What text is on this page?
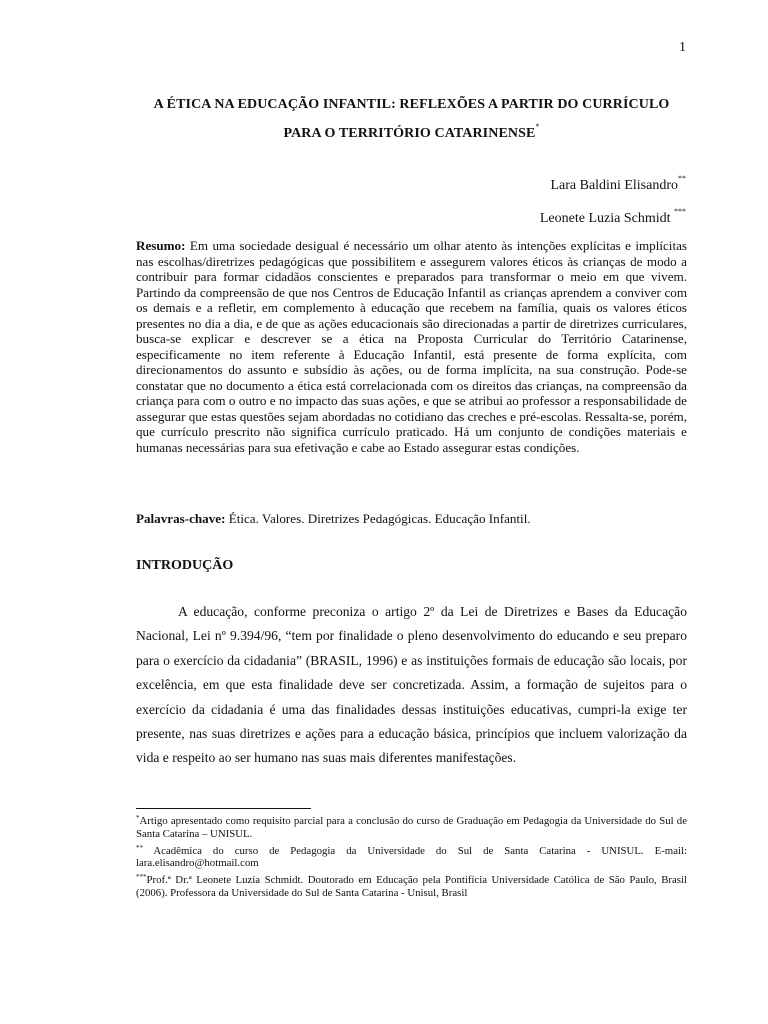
1
A ÉTICA NA EDUCAÇÃO INFANTIL: REFLEXÕES A PARTIR DO CURRÍCULO
PARA O TERRITÓRIO CATARINENSE*
Lara Baldini Elisandro**
Leonete Luzia Schmidt ***
Resumo: Em uma sociedade desigual é necessário um olhar atento às intenções explícitas e implícitas nas escolhas/diretrizes pedagógicas que possibilitem e assegurem valores éticos às crianças de modo a contribuir para formar cidadãos conscientes e preparados para transformar o meio em que vivem. Partindo da compreensão de que nos Centros de Educação Infantil as crianças aprendem a conviver com os demais e a refletir, em complemento à educação que recebem na família, quais os valores éticos presentes no dia a dia, e de que as ações educacionais são direcionadas a partir de diretrizes curriculares, busca-se explicar e descrever se a ética na Proposta Curricular do Território Catarinense, especificamente no item referente à Educação Infantil, está presente de forma explícita, com direcionamentos do assunto e subsídio às ações, ou de forma implícita, na sua construção. Pode-se constatar que no documento a ética está correlacionada com os direitos das crianças, na compreensão da criança para com o outro e no impacto das suas ações, e que se atribui ao professor a responsabilidade de assegurar que estas questões sejam abordadas no cotidiano das creches e pré-escolas. Ressalta-se, porém, que currículo prescrito não significa currículo praticado. Há um conjunto de condições materiais e humanas necessárias para sua efetivação e cabe ao Estado assegurar estas condições.
Palavras-chave: Ética. Valores. Diretrizes Pedagógicas. Educação Infantil.
INTRODUÇÃO
A educação, conforme preconiza o artigo 2º da Lei de Diretrizes e Bases da Educação Nacional, Lei nº 9.394/96, “tem por finalidade o pleno desenvolvimento do educando e seu preparo para o exercício da cidadania” (BRASIL, 1996) e as instituições formais de educação são locais, por excelência, em que esta finalidade deve ser concretizada. Assim, a formação de sujeitos para o exercício da cidadania é uma das finalidades dessas instituições educativas, cumpri-la exige ter presente, nas suas diretrizes e ações para a educação básica, princípios que incluem valorização da vida e respeito ao ser humano nas suas mais diferentes manifestações.
*Artigo apresentado como requisito parcial para a conclusão do curso de Graduação em Pedagogia da Universidade do Sul de Santa Catarina – UNISUL.
** Acadêmica do curso de Pedagogia da Universidade do Sul de Santa Catarina - UNISUL. E-mail: lara.elisandro@hotmail.com
***Prof.ª Dr.ª Leonete Luzia Schmidt. Doutorado em Educação pela Pontifícia Universidade Católica de São Paulo, Brasil (2006). Professora da Universidade do Sul de Santa Catarina - Unisul, Brasil
